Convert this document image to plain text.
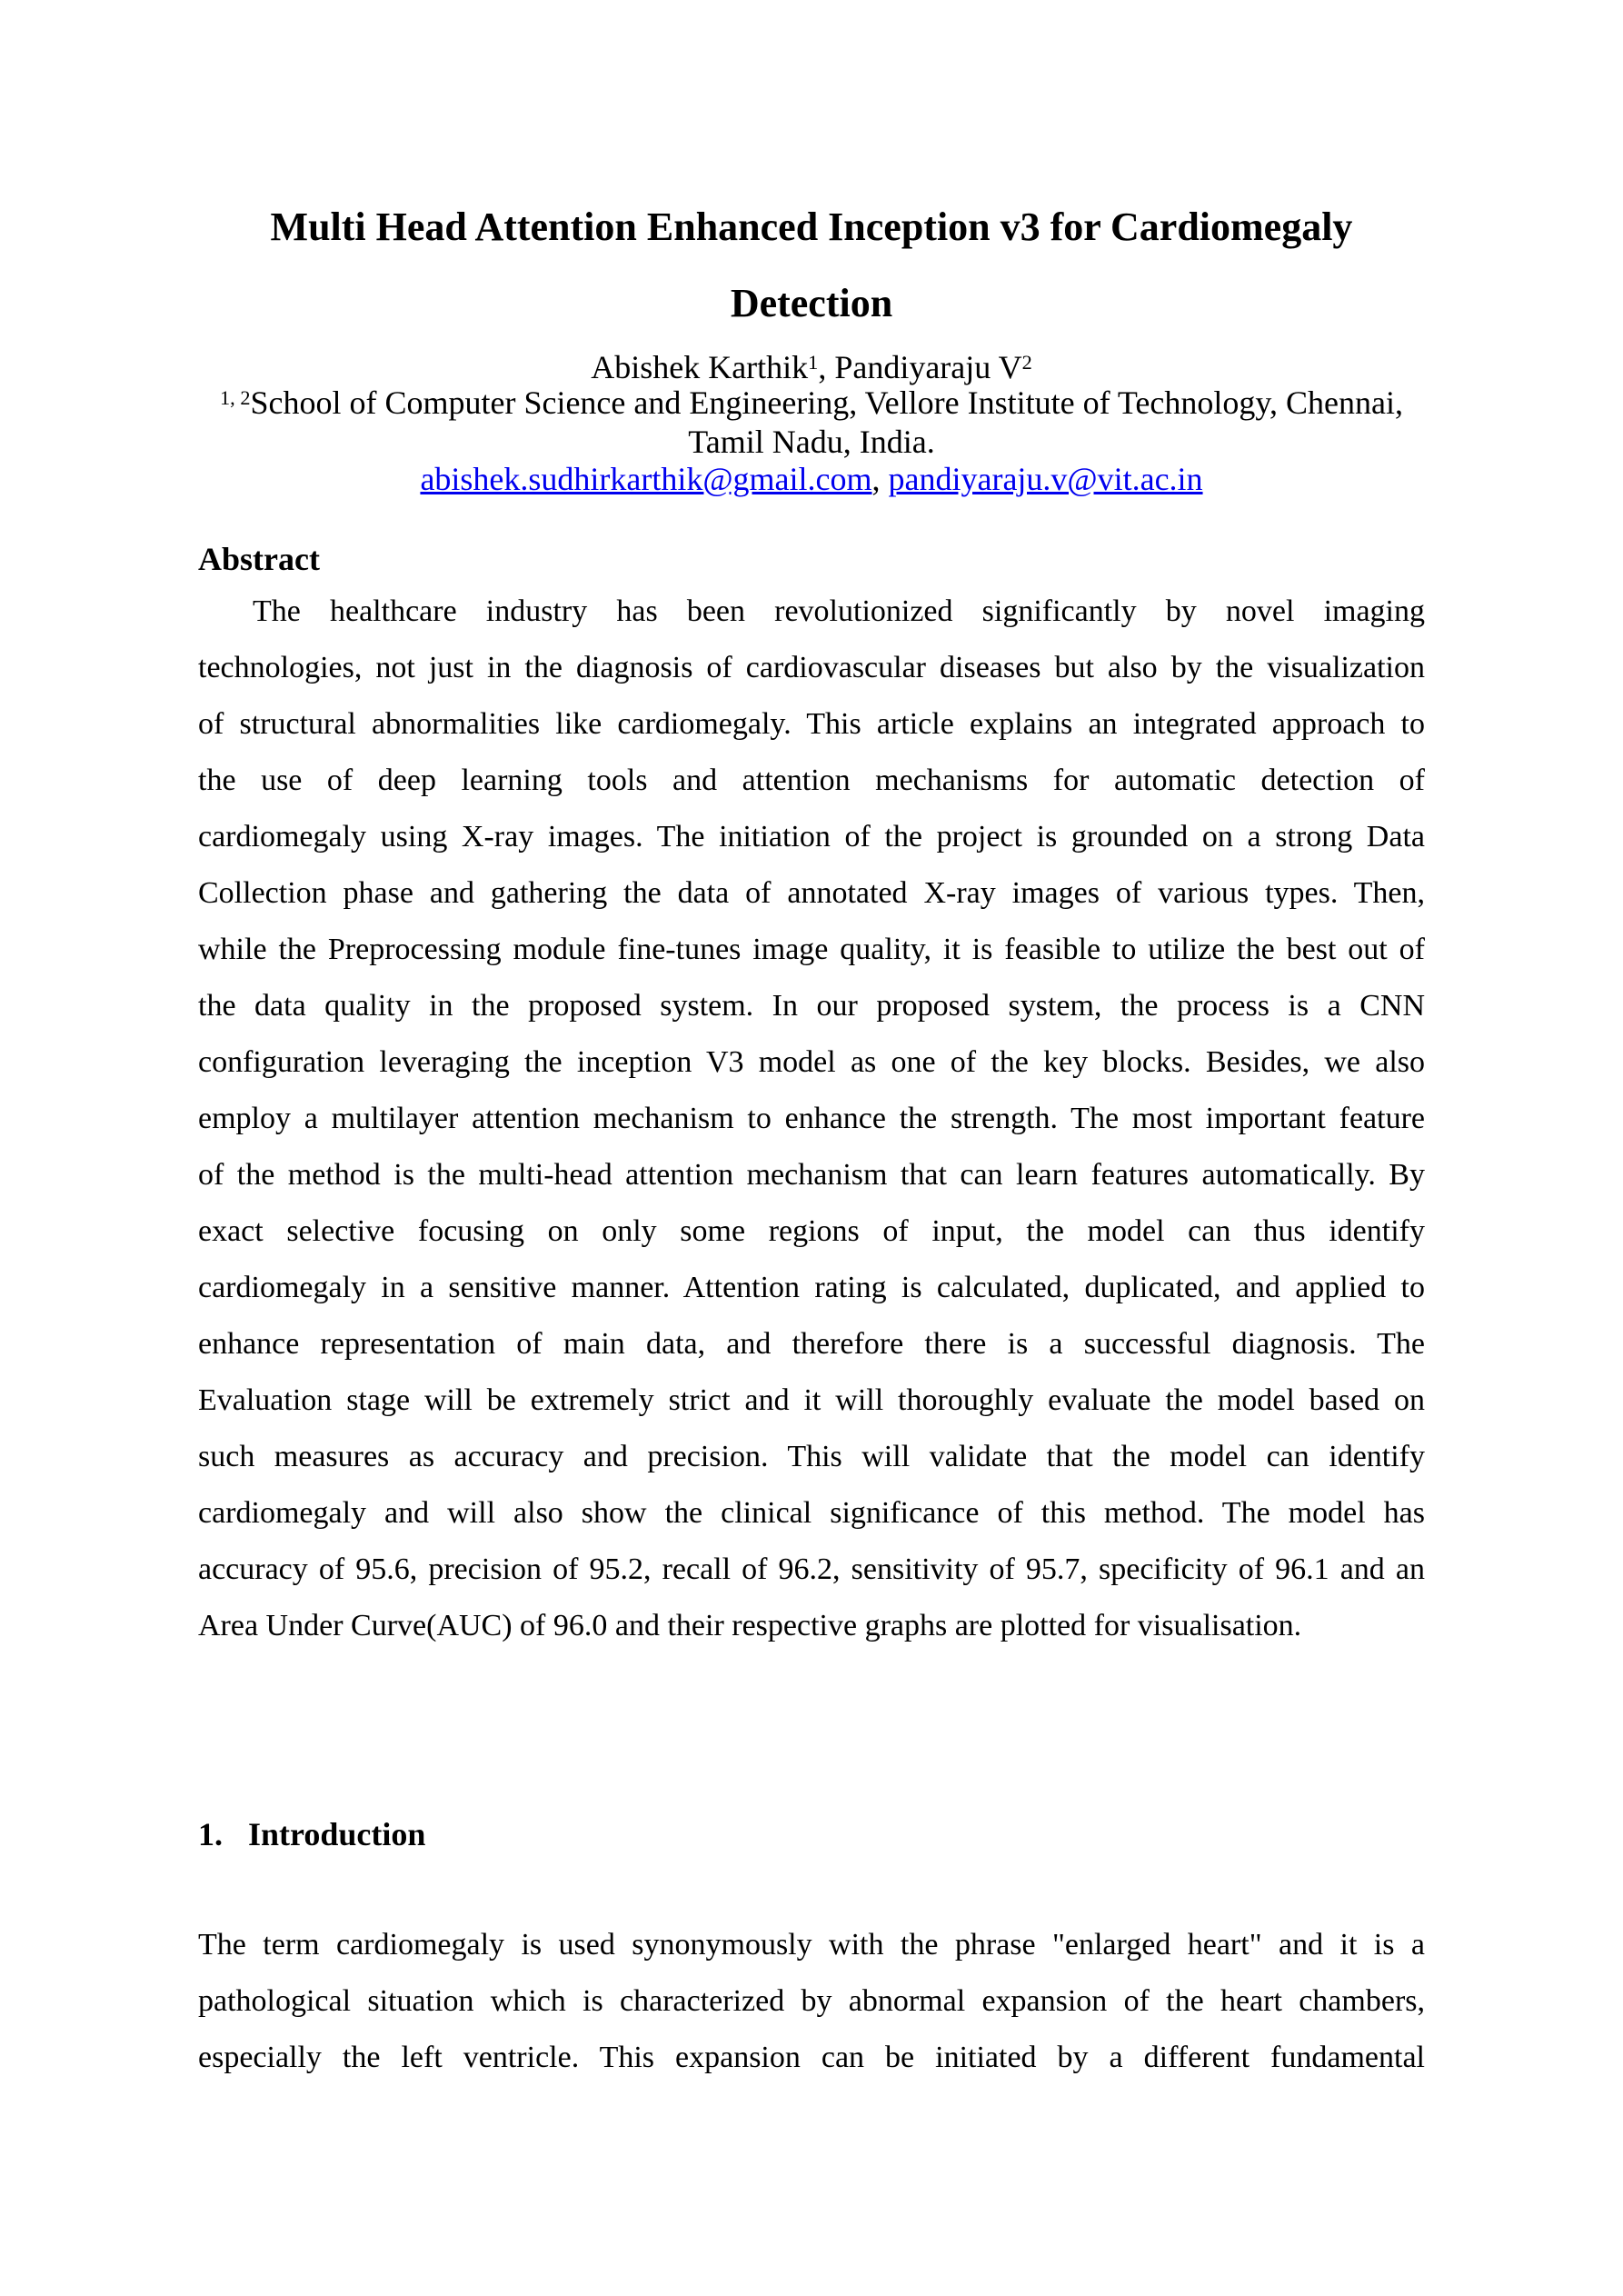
Multi Head Attention Enhanced Inception v3 for Cardiomegaly
Detection
Abishek Karthik$^1$, Pandiyaraju $V^2$
$^{1, 2}$School of Computer Science and Engineering, Vellore Institute of Technology, Chennai,
Tamil Nadu, India.
abishek.sudhirkarthik@gmail.com, pandiyaraju.v@vit.ac.in
Abstract
The healthcare industry has been revolutionized significantly by novel imaging
technologies, not just in the diagnosis of cardiovascular diseases but also by the visualization
of structural abnormalities like cardiomegaly. This article explains an integrated approach to
the use of deep learning tools and attention mechanisms for automatic detection of
cardiomegaly using X-ray images. The initiation of the project is grounded on a strong Data
Collection phase and gathering the data of annotated X-ray images of various types. Then,
while the Preprocessing module fine-tunes image quality, it is feasible to utilize the best out of
the data quality in the proposed system. In our proposed system, the process is a CNN
configuration leveraging the inception V3 model as one of the key blocks. Besides, we also
employ a multilayer attention mechanism to enhance the strength. The most important feature
of the method is the multi-head attention mechanism that can learn features automatically. By
exact selective focusing on only some regions of input, the model can thus identify
cardiomegaly in a sensitive manner. Attention rating is calculated, duplicated, and applied to
enhance representation of main data, and therefore there is a successful diagnosis. The
Evaluation stage will be extremely strict and it will thoroughly evaluate the model based on
such measures as accuracy and precision. This will validate that the model can identify
cardiomegaly and will also show the clinical significance of this method. The model has
accuracy of 95.6, precision of 95.2, recall of 96.2, sensitivity of 95.7, specificity of 96.1 and an
Area Under Curve(AUC) of 96.0 and their respective graphs are plotted for visualisation.
1. Introduction
The term cardiomegaly is used synonymously with the phrase "enlarged heart" and it is a
pathological situation which is characterized by abnormal expansion of the heart chambers,
especially the left ventricle. This expansion can be initiated by a different fundamental
